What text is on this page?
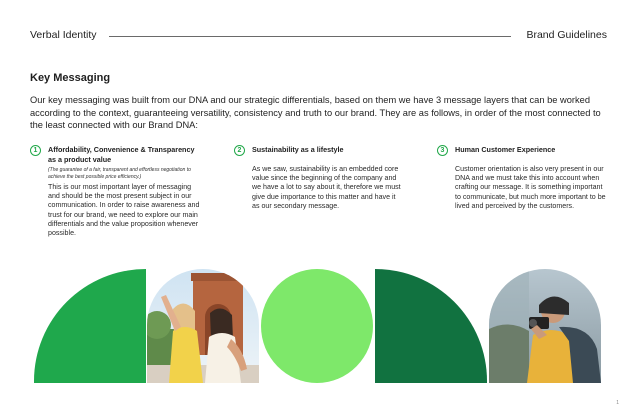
Verbal Identity	Brand Guidelines
Key Messaging
Our key messaging was built from our DNA and our strategic differentials, based on them we have 3 message layers that can be worked according to the context, guaranteeing versatility, consistency and truth to our brand. They are as follows, in order of the most connected to the least connected with our Brand DNA:
1	Affordability, Convenience & Transparency as a product value
(The guarantee of a fair, transparent and effortless negotiation to achieve the best possible price efficiency.)
This is our most important layer of messaging and should be the most present subject in our communication. In order to raise awareness and trust for our brand, we need to explore our main differentials and the value proposition whenever possible.
2	Sustainability as a lifestyle
As we saw, sustainability is an embedded core value since the beginning of the company and we have a lot to say about it, therefore we must give due importance to this matter and have it as our secondary message.
3	Human Customer Experience
Customer orientation is also very present in our DNA and we must take this into account when crafting our message. It is something important to communicate, but much more important to be lived and perceived by the customers.
1
